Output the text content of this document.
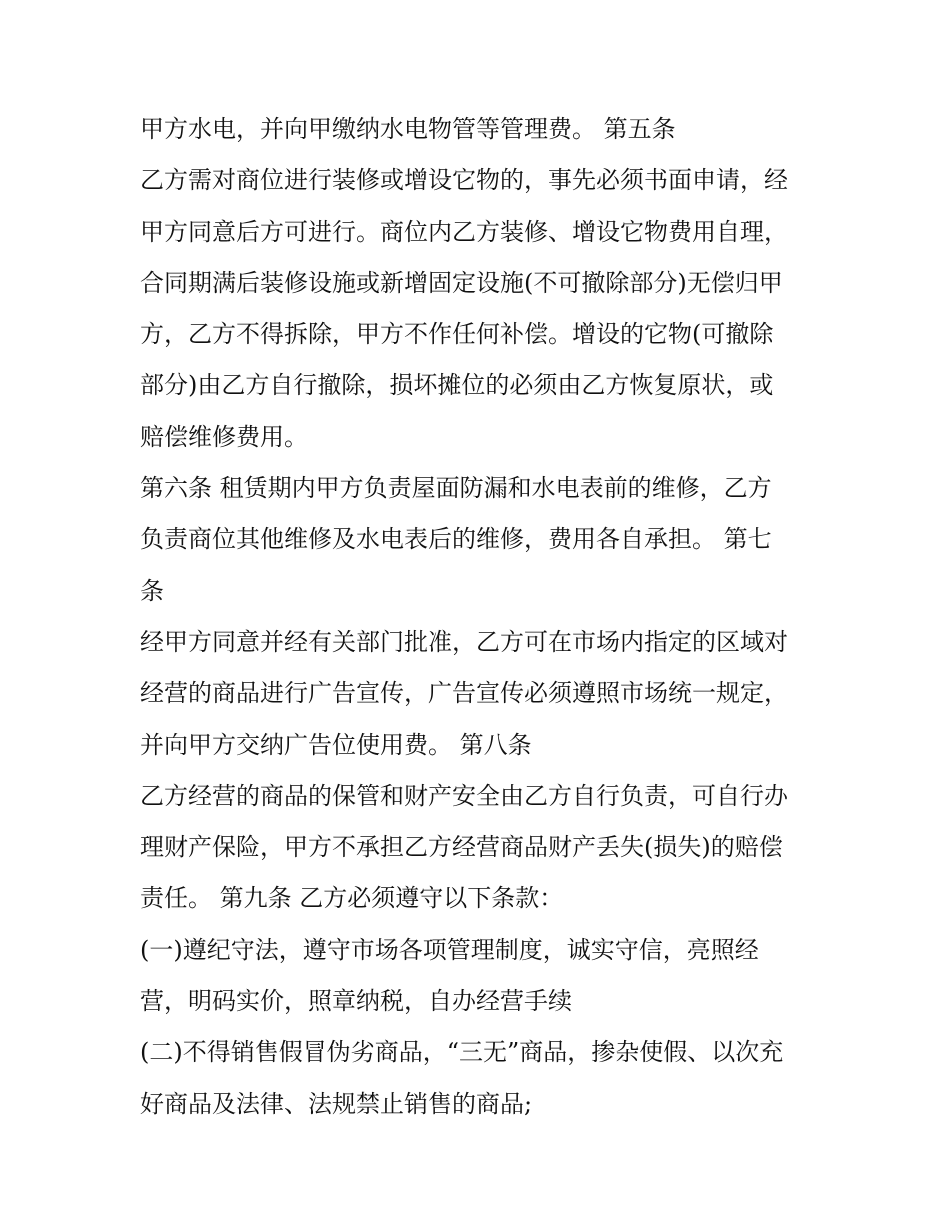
甲方水电，并向甲缴纳水电物管等管理费。 第五条
乙方需对商位进行装修或增设它物的，事先必须书面申请，经
甲方同意后方可进行。商位内乙方装修、增设它物费用自理，
合同期满后装修设施或新增固定设施(不可撤除部分)无偿归甲
方，乙方不得拆除，甲方不作任何补偿。增设的它物(可撤除
部分)由乙方自行撤除，损坏摊位的必须由乙方恢复原状，或
赔偿维修费用。
第六条 租赁期内甲方负责屋面防漏和水电表前的维修，乙方
负责商位其他维修及水电表后的维修，费用各自承担。 第七
条
经甲方同意并经有关部门批准，乙方可在市场内指定的区域对
经营的商品进行广告宣传，广告宣传必须遵照市场统一规定，
并向甲方交纳广告位使用费。 第八条
乙方经营的商品的保管和财产安全由乙方自行负责，可自行办
理财产保险，甲方不承担乙方经营商品财产丢失(损失)的赔偿
责任。 第九条 乙方必须遵守以下条款：
(一)遵纪守法，遵守市场各项管理制度，诚实守信，亮照经
营，明码实价，照章纳税，自办经营手续
(二)不得销售假冒伪劣商品，“三无”商品，掺杂使假、以次充
好商品及法律、法规禁止销售的商品;
